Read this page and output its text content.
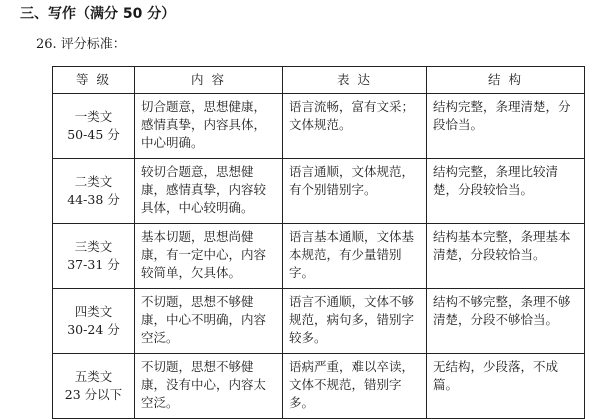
三、写作（满分 50 分）
26. 评分标准：
等 级	内 容	表 达	结 构

一类文
50-45 分	切合题意，思想健康，感情真挚，内容具体，中心明确。	语言流畅，富有文采；文体规范。	结构完整，条理清楚，分段恰当。

二类文
44-38 分	较切合题意，思想健康，感情真挚，内容较具体，中心较明确。	语言通顺，文体规范，有个别错别字。	结构完整，条理比较清楚，分段较恰当。

三类文
37-31 分	基本切题，思想尚健康，有一定中心，内容较简单，欠具体。	语言基本通顺，文体基本规范，有少量错别字。	结构基本完整，条理基本清楚，分段较恰当。

四类文
30-24 分	不切题，思想不够健康，中心不明确，内容空泛。	语言不通顺，文体不够规范，病句多，错别字较多。	结构不够完整，条理不够清楚，分段不够恰当。

五类文
23 分以下	不切题，思想不够健康，没有中心，内容太空泛。	语病严重，难以卒读，文体不规范，错别字多。	无结构，少段落，不成篇。
